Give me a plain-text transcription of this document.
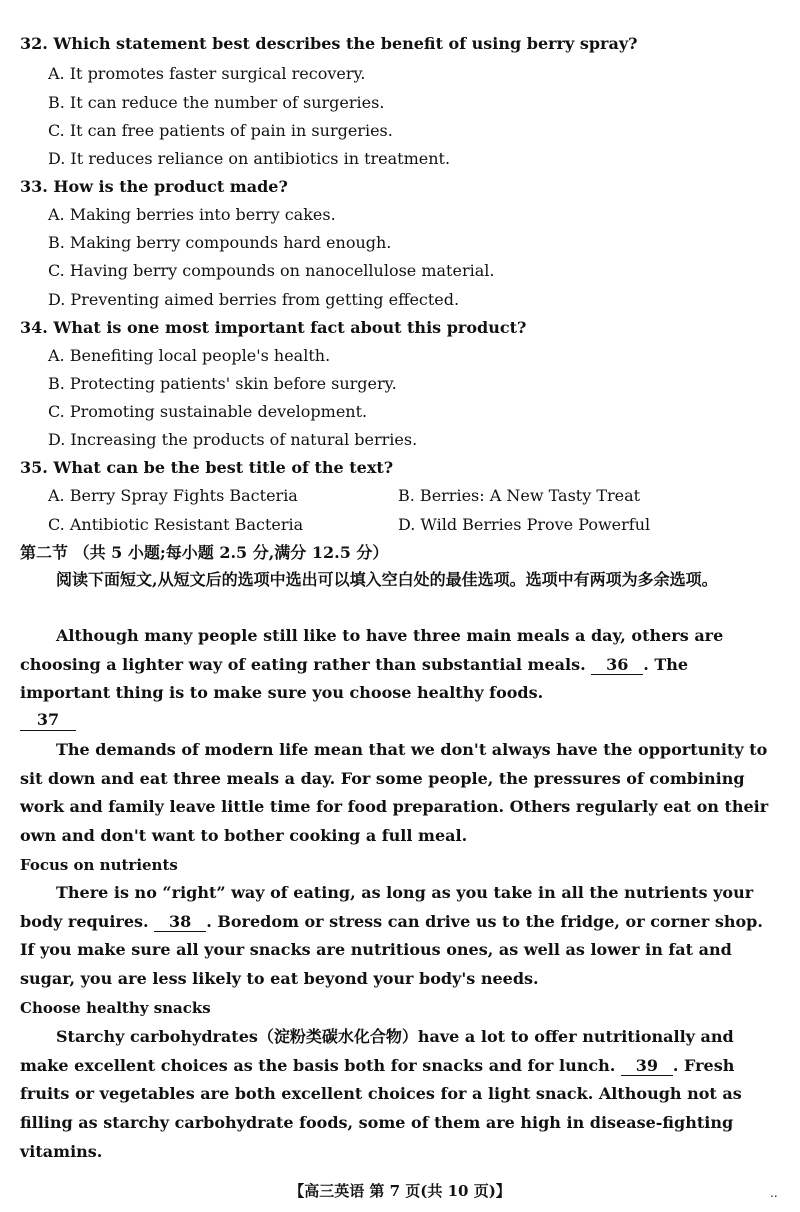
32. Which statement best describes the benefit of using berry spray?
A. It promotes faster surgical recovery.
B. It can reduce the number of surgeries.
C. It can free patients of pain in surgeries.
D. It reduces reliance on antibiotics in treatment.
33. How is the product made?
A. Making berries into berry cakes.
B. Making berry compounds hard enough.
C. Having berry compounds on nanocellulose material.
D. Preventing aimed berries from getting effected.
34. What is one most important fact about this product?
A. Benefiting local people's health.
B. Protecting patients' skin before surgery.
C. Promoting sustainable development.
D. Increasing the products of natural berries.
35. What can be the best title of the text?
A. Berry Spray Fights Bacteria	B. Berries: A New Tasty Treat
C. Antibiotic Resistant Bacteria	D. Wild Berries Prove Powerful
第二节 （共 5 小题;每小题 2.5 分,满分 12.5 分）
阅读下面短文,从短文后的选项中选出可以填入空白处的最佳选项。选项中有两项为多余选项。
Although many people still like to have three main meals a day, others are choosing a lighter way of eating rather than substantial meals. 36 . The important thing is to make sure you choose healthy foods.
37
The demands of modern life mean that we don't always have the opportunity to sit down and eat three meals a day. For some people, the pressures of combining work and family leave little time for food preparation. Others regularly eat on their own and don't want to bother cooking a full meal.
Focus on nutrients
There is no “right” way of eating, as long as you take in all the nutrients your body requires. 38 . Boredom or stress can drive us to the fridge, or corner shop. If you make sure all your snacks are nutritious ones, as well as lower in fat and sugar, you are less likely to eat beyond your body's needs.
Choose healthy snacks
Starchy carbohydrates（淀粉类碳水化合物）have a lot to offer nutritionally and make excellent choices as the basis both for snacks and for lunch. 39 . Fresh fruits or vegetables are both excellent choices for a light snack. Although not as filling as starchy carbohydrate foods, some of them are high in disease-fighting vitamins.
【高三英语 第 7 页(共 10 页)】	..
